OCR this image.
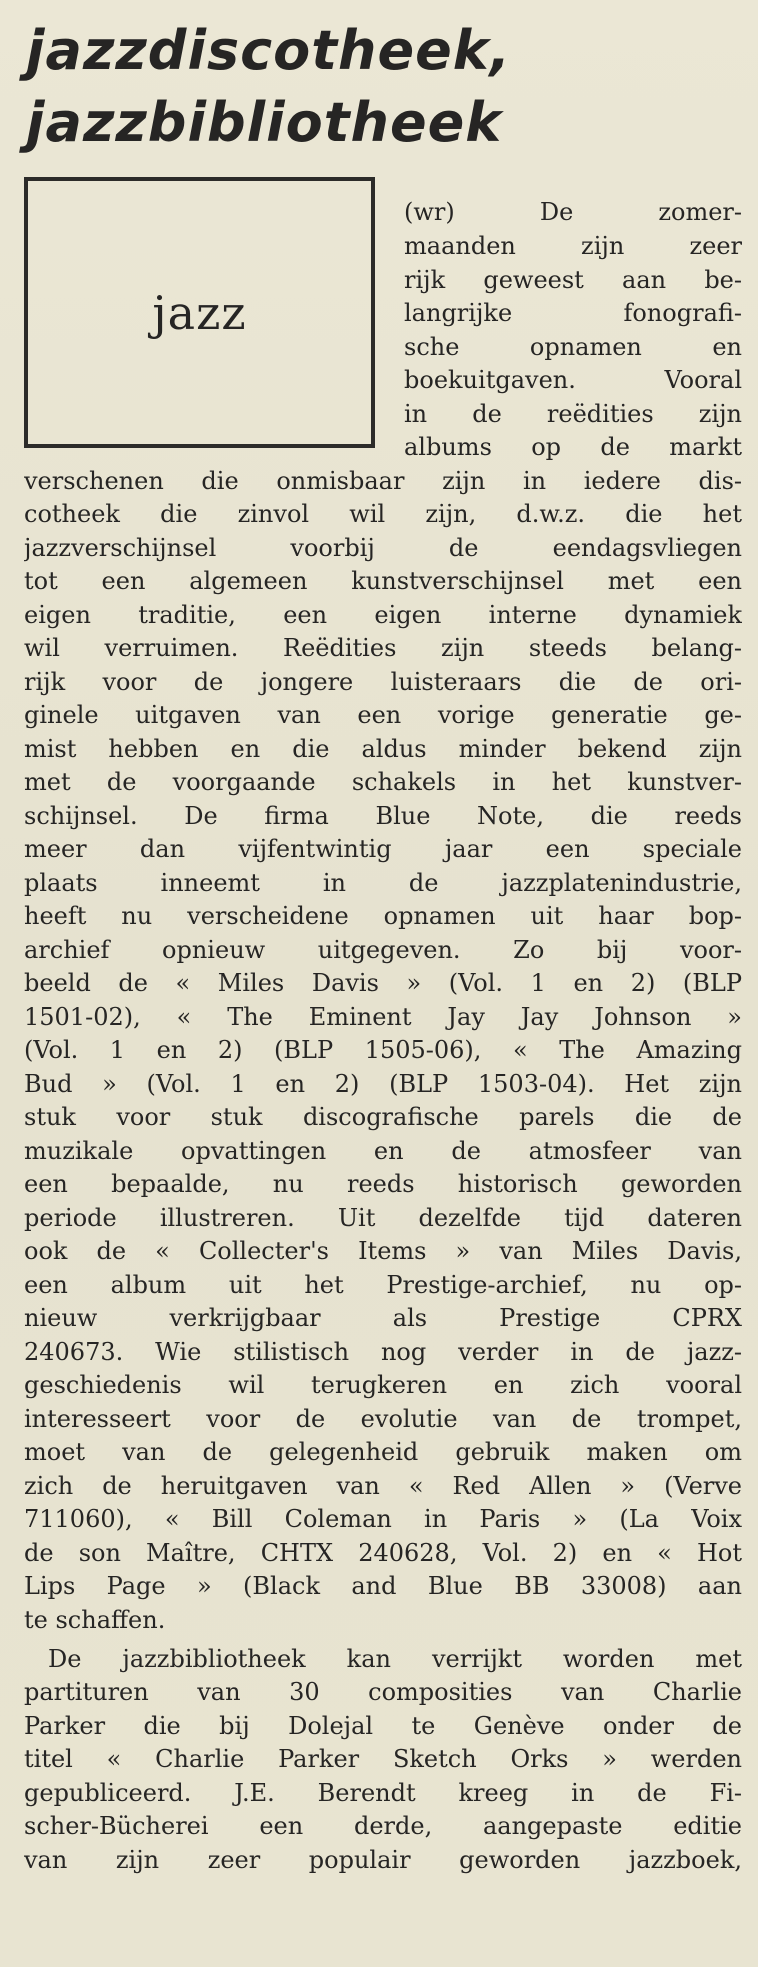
jazzdiscotheek,
jazzbibliotheek
jazz

(wr) De zomer-

maanden zijn zeer

rijk geweest aan be-

langrijke fonografi-

sche opnamen en

boekuitgaven. Vooral

in de reëdities zijn

albums op de markt

verschenen die onmisbaar zijn in iedere dis-

cotheek die zinvol wil zijn, d.w.z. die het

jazzverschijnsel voorbij de eendagsvliegen

tot een algemeen kunstverschijnsel met een

eigen traditie, een eigen interne dynamiek

wil verruimen. Reëdities zijn steeds belang-

rijk voor de jongere luisteraars die de ori-

ginele uitgaven van een vorige generatie ge-

mist hebben en die aldus minder bekend zijn

met de voorgaande schakels in het kunstver-

schijnsel. De firma Blue Note, die reeds

meer dan vijfentwintig jaar een speciale

plaats inneemt in de jazzplatenindustrie,

heeft nu verscheidene opnamen uit haar bop-

archief opnieuw uitgegeven. Zo bij voor-

beeld de « Miles Davis » (Vol. 1 en 2) (BLP

1501-02), « The Eminent Jay Jay Johnson »

(Vol. 1 en 2) (BLP 1505-06), « The Amazing

Bud » (Vol. 1 en 2) (BLP 1503-04). Het zijn

stuk voor stuk discografische parels die de

muzikale opvattingen en de atmosfeer van

een bepaalde, nu reeds historisch geworden

periode illustreren. Uit dezelfde tijd dateren

ook de « Collecter's Items » van Miles Davis,

een album uit het Prestige-archief, nu op-

nieuw verkrijgbaar als Prestige CPRX

240673. Wie stilistisch nog verder in de jazz-

geschiedenis wil terugkeren en zich vooral

interesseert voor de evolutie van de trompet,

moet van de gelegenheid gebruik maken om

zich de heruitgaven van « Red Allen » (Verve

711060), « Bill Coleman in Paris » (La Voix

de son Maître, CHTX 240628, Vol. 2) en « Hot

Lips Page » (Black and Blue BB 33008) aan

te schaffen.

De jazzbibliotheek kan verrijkt worden met

partituren van 30 composities van Charlie

Parker die bij Dolejal te Genève onder de

titel « Charlie Parker Sketch Orks » werden

gepubliceerd. J.E. Berendt kreeg in de Fi-

scher-Bücherei een derde, aangepaste editie

van zijn zeer populair geworden jazzboek,
